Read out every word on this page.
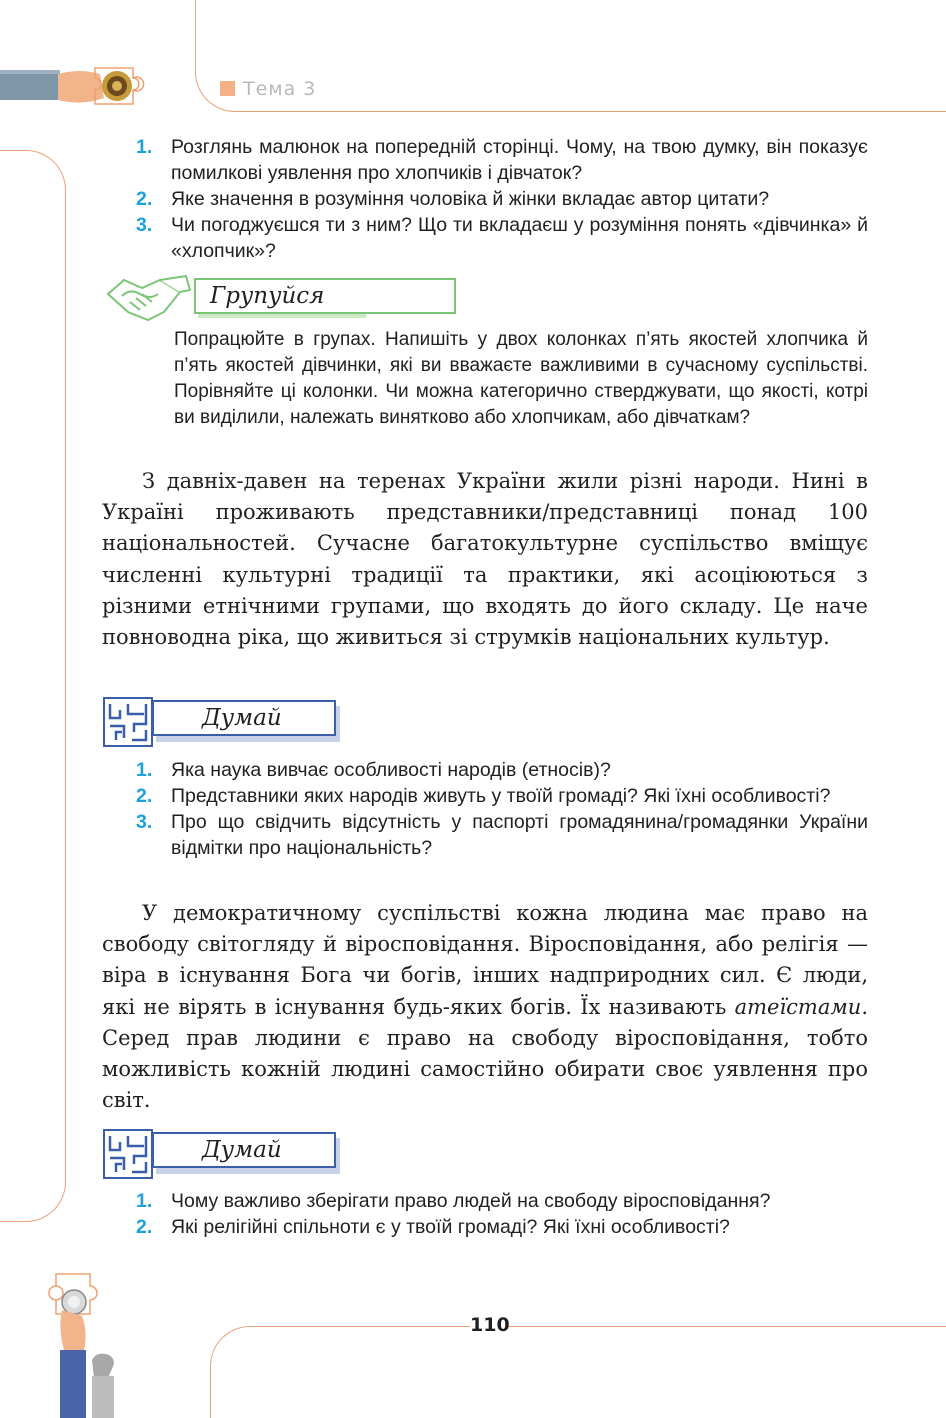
Тема 3
1. Розглянь малюнок на попередній сторінці. Чому, на твою думку, він показує помилкові уявлення про хлопчиків і дівчаток?
2. Яке значення в розуміння чоловіка й жінки вкладає автор цитати?
3. Чи погоджуєшся ти з ним? Що ти вкладаєш у розуміння понять «дівчинка» й «хлопчик»?
Групуйся
Попрацюйте в групах. Напишіть у двох колонках п’ять якостей хлопчика й п’ять якостей дівчинки, які ви вважаєте важливими в сучасному суспільстві. Порівняйте ці колонки. Чи можна категорично стверджувати, що якості, котрі ви виділили, належать винятково або хлопчикам, або дівчаткам?
З давніх-давен на теренах України жили різні народи. Нині в Україні проживають представники/представниці понад 100 національностей. Сучасне багатокультурне суспільство вміщує численні культурні традиції та практики, які асоціюються з різними етнічними групами, що входять до його складу. Це наче повноводна ріка, що живиться зі струмків національних культур.
Думай
1. Яка наука вивчає особливості народів (етносів)?
2. Представники яких народів живуть у твоїй громаді? Які їхні особливості?
3. Про що свідчить відсутність у паспорті громадянина/громадянки України відмітки про національність?
У демократичному суспільстві кожна людина має право на свободу світогляду й віросповідання. Віросповідання, або релігія — віра в існування Бога чи богів, інших надприродних сил. Є люди, які не вірять в існування будь-яких богів. Їх називають атеїстами. Серед прав людини є право на свободу віросповідання, тобто можливість кожній людині самостійно обирати своє уявлення про світ.
Думай
1. Чому важливо зберігати право людей на свободу віросповідання?
2. Які релігійні спільноти є у твоїй громаді? Які їхні особливості?
110
